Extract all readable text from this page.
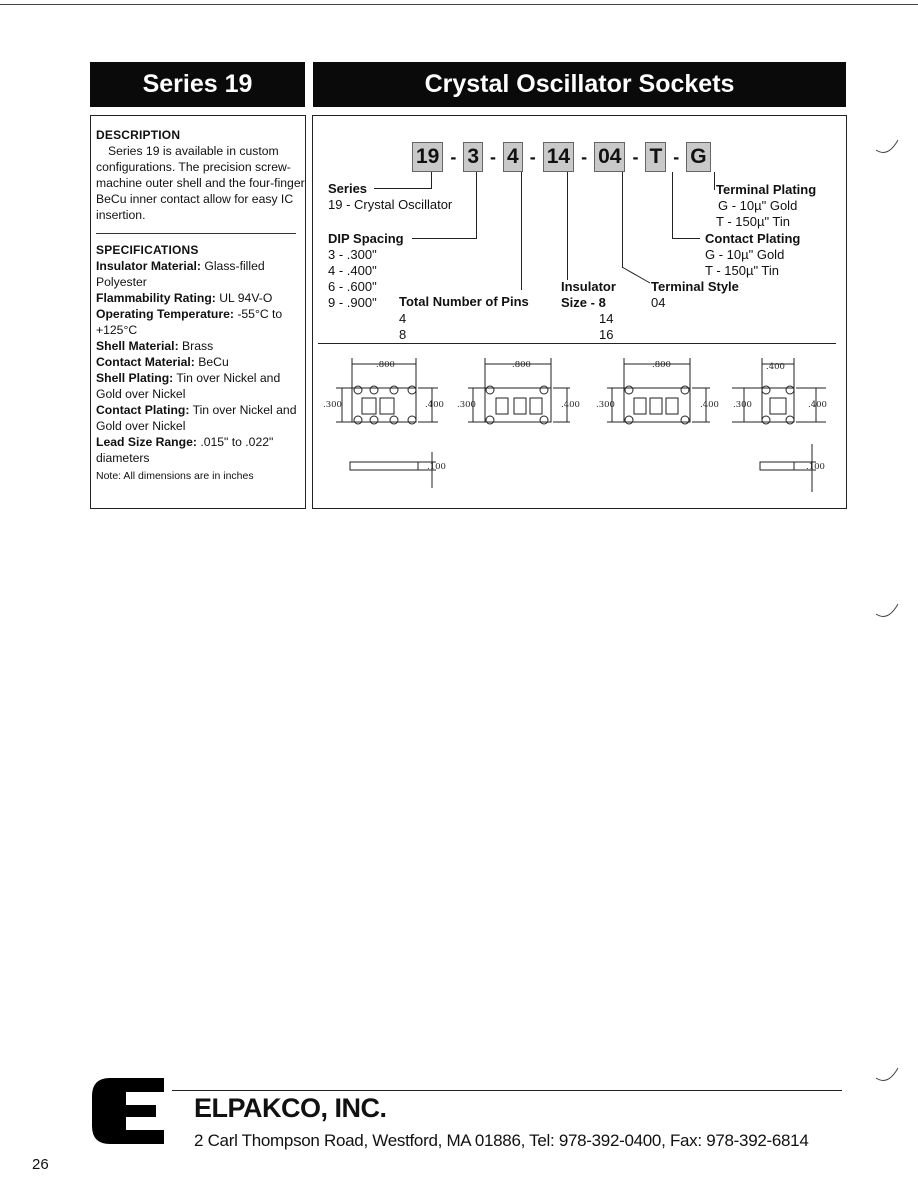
Series 19	Crystal Oscillator Sockets
DESCRIPTION
Series 19 is available in custom configurations. The precision screw-machine outer shell and the four-finger BeCu inner contact allow for easy IC insertion.
SPECIFICATIONS
Insulator Material: Glass-filled Polyester
Flammability Rating: UL 94V-O
Operating Temperature: -55°C to +125°C
Shell Material: Brass
Contact Material: BeCu
Shell Plating: Tin over Nickel and Gold over Nickel
Contact Plating: Tin over Nickel and Gold over Nickel
Lead Size Range: .015" to .022" diameters
Note: All dimensions are in inches
19 - 3 - 4 - 14 - 04 - T - G
Series
19 - Crystal Oscillator
DIP Spacing
3 - .300"
4 - .400"
6 - .600"
9 - .900"	Total Number of Pins
4
8
Insulator
Size - 8
14
16
Terminal Style
04
Contact Plating
G - 10µ" Gold
T - 150µ" Tin
Terminal Plating
G - 10µ" Gold
T - 150µ" Tin
.800	.800	.800	.400
.300	.300	.300	.300
.400	.400	.400	.400
.100	.100
ELPAKCO, INC.
2 Carl Thompson Road, Westford, MA 01886, Tel: 978-392-0400, Fax: 978-392-6814
26
